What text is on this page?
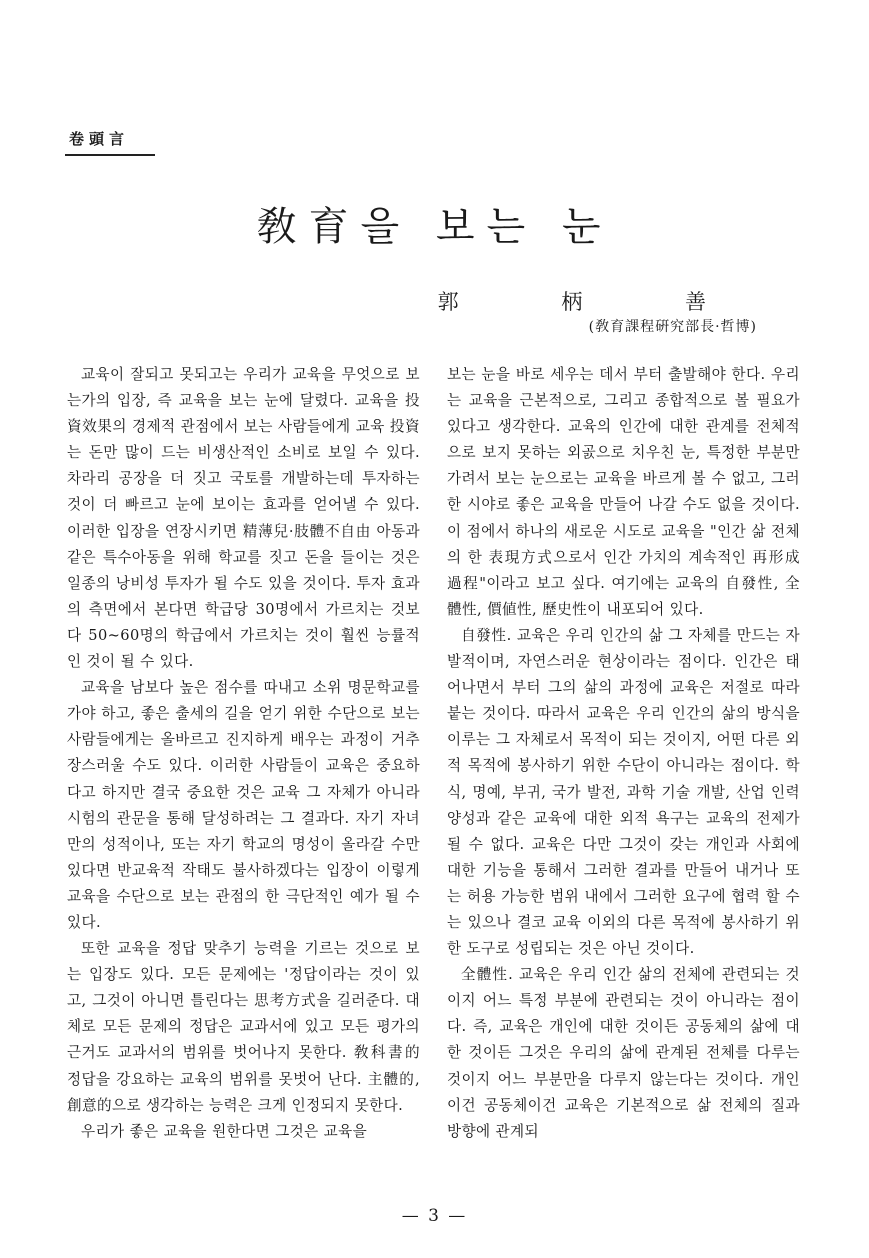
卷頭言
敎育을 보는 눈
郭 柄 善
(敎育課程硏究部長·哲博)

교육이 잘되고 못되고는 우리가 교육을 무엇으로 보는가의 입장, 즉 교육을 보는 눈에 달렸다. 교육을 投資效果의 경제적 관점에서 보는 사람들에게 교육 投資는 돈만 많이 드는 비생산적인 소비로 보일 수 있다. 차라리 공장을 더 짓고 국토를 개발하는데 투자하는 것이 더 빠르고 눈에 보이는 효과를 얻어낼 수 있다. 이러한 입장을 연장시키면 精薄兒·肢體不自由 아동과 같은 특수아동을 위해 학교를 짓고 돈을 들이는 것은 일종의 낭비성 투자가 될 수도 있을 것이다. 투자 효과의 측면에서 본다면 학급당 30명에서 가르치는 것보다 50~60명의 학급에서 가르치는 것이 훨씬 능률적인 것이 될 수 있다.

교육을 남보다 높은 점수를 따내고 소위 명문학교를 가야 하고, 좋은 출세의 길을 얻기 위한 수단으로 보는 사람들에게는 올바르고 진지하게 배우는 과정이 거추장스러울 수도 있다. 이러한 사람들이 교육은 중요하다고 하지만 결국 중요한 것은 교육 그 자체가 아니라 시험의 관문을 통해 달성하려는 그 결과다. 자기 자녀만의 성적이나, 또는 자기 학교의 명성이 올라갈 수만 있다면 반교육적 작태도 불사하겠다는 입장이 이렇게 교육을 수단으로 보는 관점의 한 극단적인 예가 될 수 있다.

또한 교육을 정답 맞추기 능력을 기르는 것으로 보는 입장도 있다. 모든 문제에는 '정답이라는 것이 있고, 그것이 아니면 틀린다는 思考方式을 길러준다. 대체로 모든 문제의 정답은 교과서에 있고 모든 평가의 근거도 교과서의 범위를 벗어나지 못한다. 敎科書的 정답을 강요하는 교육의 범위를 못벗어 난다. 主體的, 創意的으로 생각하는 능력은 크게 인정되지 못한다.

우리가 좋은 교육을 원한다면 그것은 교육을

보는 눈을 바로 세우는 데서 부터 출발해야 한다. 우리는 교육을 근본적으로, 그리고 종합적으로 볼 필요가 있다고 생각한다. 교육의 인간에 대한 관계를 전체적으로 보지 못하는 외곬으로 치우친 눈, 특정한 부분만 가려서 보는 눈으로는 교육을 바르게 볼 수 없고, 그러한 시야로 좋은 교육을 만들어 나갈 수도 없을 것이다. 이 점에서 하나의 새로운 시도로 교육을 "인간 삶 전체의 한 表現方式으로서 인간 가치의 계속적인 再形成過程"이라고 보고 싶다. 여기에는 교육의 自發性, 全體性, 價値性, 歷史性이 내포되어 있다.

自發性. 교육은 우리 인간의 삶 그 자체를 만드는 자발적이며, 자연스러운 현상이라는 점이다. 인간은 태어나면서 부터 그의 삶의 과정에 교육은 저절로 따라붙는 것이다. 따라서 교육은 우리 인간의 삶의 방식을 이루는 그 자체로서 목적이 되는 것이지, 어떤 다른 외적 목적에 봉사하기 위한 수단이 아니라는 점이다. 학식, 명예, 부귀, 국가 발전, 과학 기술 개발, 산업 인력 양성과 같은 교육에 대한 외적 욕구는 교육의 전제가 될 수 없다. 교육은 다만 그것이 갖는 개인과 사회에 대한 기능을 통해서 그러한 결과를 만들어 내거나 또는 허용 가능한 범위 내에서 그러한 요구에 협력 할 수는 있으나 결코 교육 이외의 다른 목적에 봉사하기 위한 도구로 성립되는 것은 아닌 것이다.

全體性. 교육은 우리 인간 삶의 전체에 관련되는 것이지 어느 특정 부분에 관련되는 것이 아니라는 점이다. 즉, 교육은 개인에 대한 것이든 공동체의 삶에 대한 것이든 그것은 우리의 삶에 관계된 전체를 다루는 것이지 어느 부분만을 다루지 않는다는 것이다. 개인이건 공동체이건 교육은 기본적으로 삶 전체의 질과 방향에 관계되

— 3 —
